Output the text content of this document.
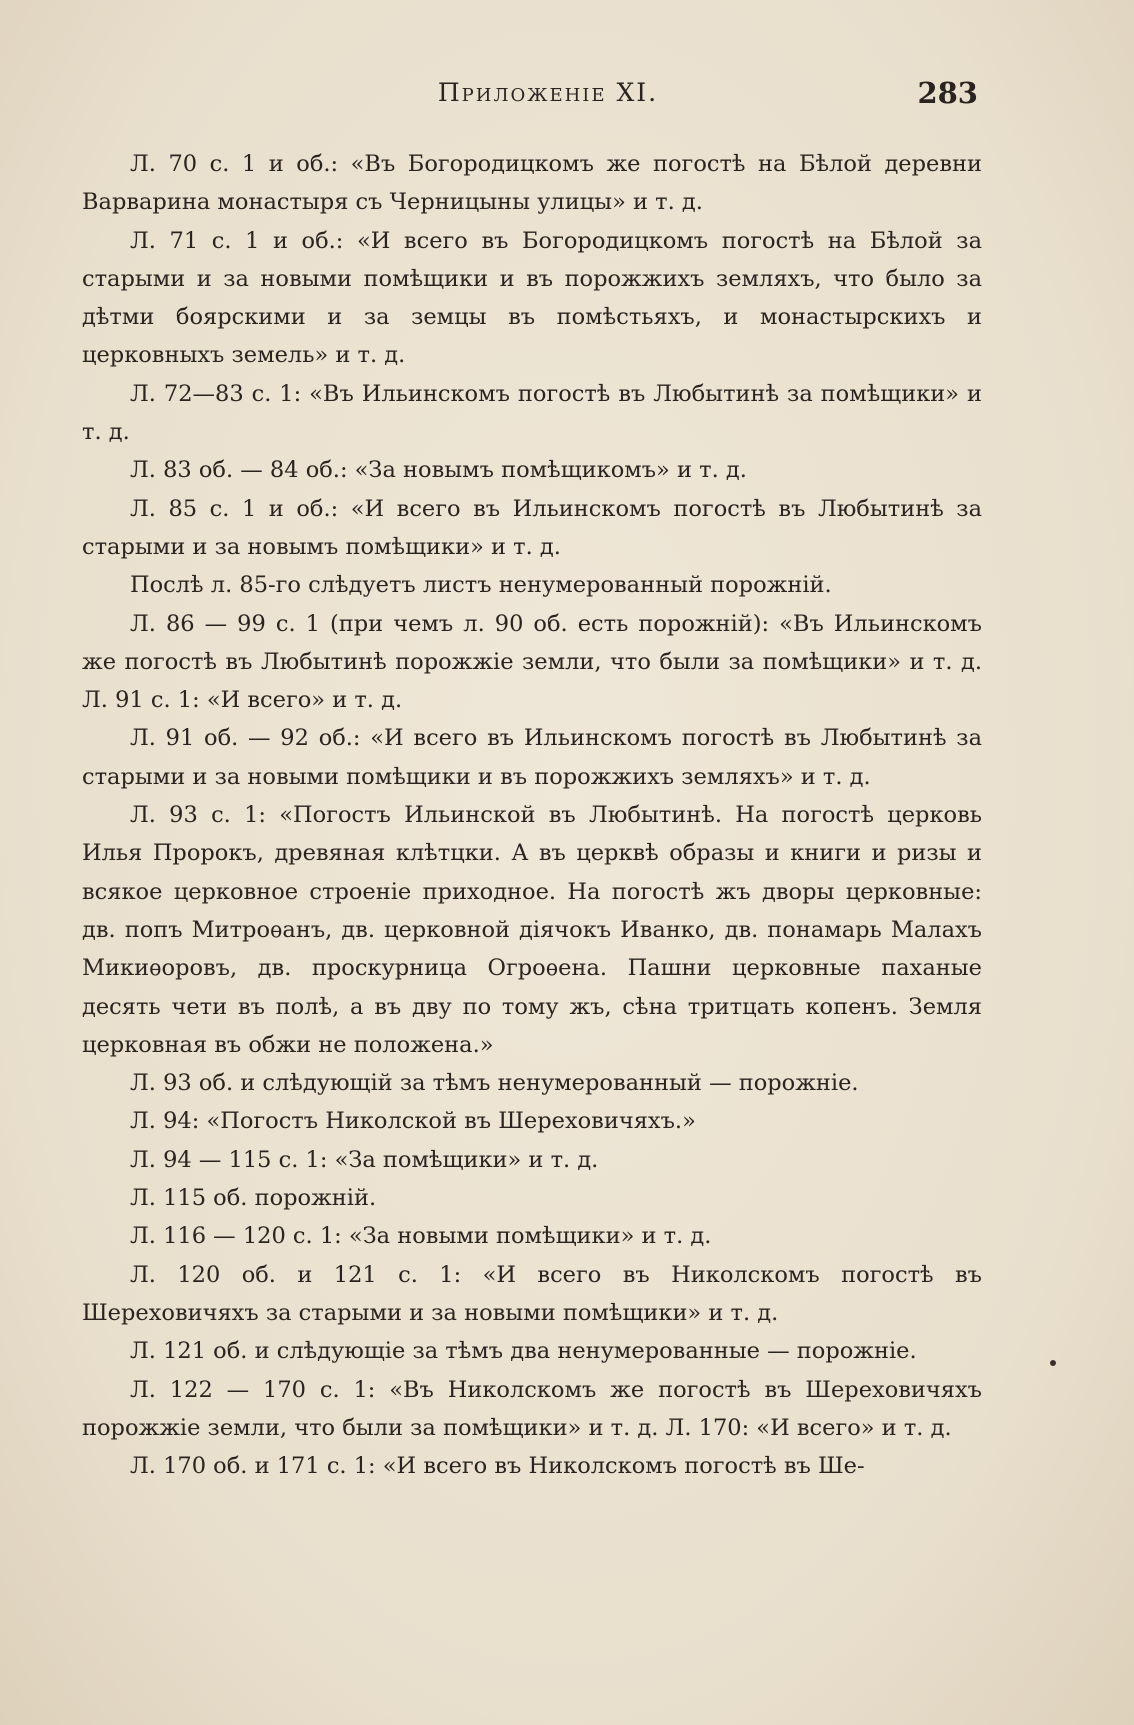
Приложеніе XI.	283

Л. 70 с. 1 и об.: «Въ Богородицкомъ же погостѣ на Бѣлой деревни Варварина монастыря съ Черницыны улицы» и т. д.

Л. 71 с. 1 и об.: «И всего въ Богородицкомъ погостѣ на Бѣлой за старыми и за новыми помѣщики и въ порожжихъ земляхъ, что было за дѣтми боярскими и за земцы въ помѣстьяхъ, и монастырскихъ и церковныхъ земель» и т. д.

Л. 72—83 с. 1: «Въ Ильинскомъ погостѣ въ Любытинѣ за помѣщики» и т. д.

Л. 83 об. — 84 об.: «За новымъ помѣщикомъ» и т. д.

Л. 85 с. 1 и об.: «И всего въ Ильинскомъ погостѣ въ Любытинѣ за старыми и за новымъ помѣщики» и т. д.

Послѣ л. 85-го слѣдуетъ листъ ненумерованный порожній.

Л. 86 — 99 с. 1 (при чемъ л. 90 об. есть порожній): «Въ Ильинскомъ же погостѣ въ Любытинѣ порожжіе земли, что были за помѣщики» и т. д. Л. 91 с. 1: «И всего» и т. д.

Л. 91 об. — 92 об.: «И всего въ Ильинскомъ погостѣ въ Любытинѣ за старыми и за новыми помѣщики и въ порожжихъ земляхъ» и т. д.

Л. 93 с. 1: «Погостъ Ильинской въ Любытинѣ. На погостѣ церковь Илья Пророкъ, древяная клѣтцки. А въ церквѣ образы и книги и ризы и всякое церковное строеніе приходное. На погостѣ жъ дворы церковные: дв. попъ Митроѳанъ, дв. церковной діячокъ Иванко, дв. понамарь Малахъ Микиѳоровъ, дв. проскурница Огроѳена. Пашни церковные паханые десять чети въ полѣ, а въ дву по тому жъ, сѣна тритцать копенъ. Земля церковная въ обжи не положена.»

Л. 93 об. и слѣдующій за тѣмъ ненумерованный — порожніе.

Л. 94: «Погостъ Николской въ Шереховичяхъ.»

Л. 94 — 115 с. 1: «За помѣщики» и т. д.

Л. 115 об. порожній.

Л. 116 — 120 с. 1: «За новыми помѣщики» и т. д.

Л. 120 об. и 121 с. 1: «И всего въ Николскомъ погостѣ въ Шереховичяхъ за старыми и за новыми помѣщики» и т. д.

Л. 121 об. и слѣдующіе за тѣмъ два ненумерованные — порожніе.

Л. 122 — 170 с. 1: «Въ Николскомъ же погостѣ въ Шереховичяхъ порожжіе земли, что были за помѣщики» и т. д. Л. 170: «И всего» и т. д.

Л. 170 об. и 171 с. 1: «И всего въ Николскомъ погостѣ въ Ше-
